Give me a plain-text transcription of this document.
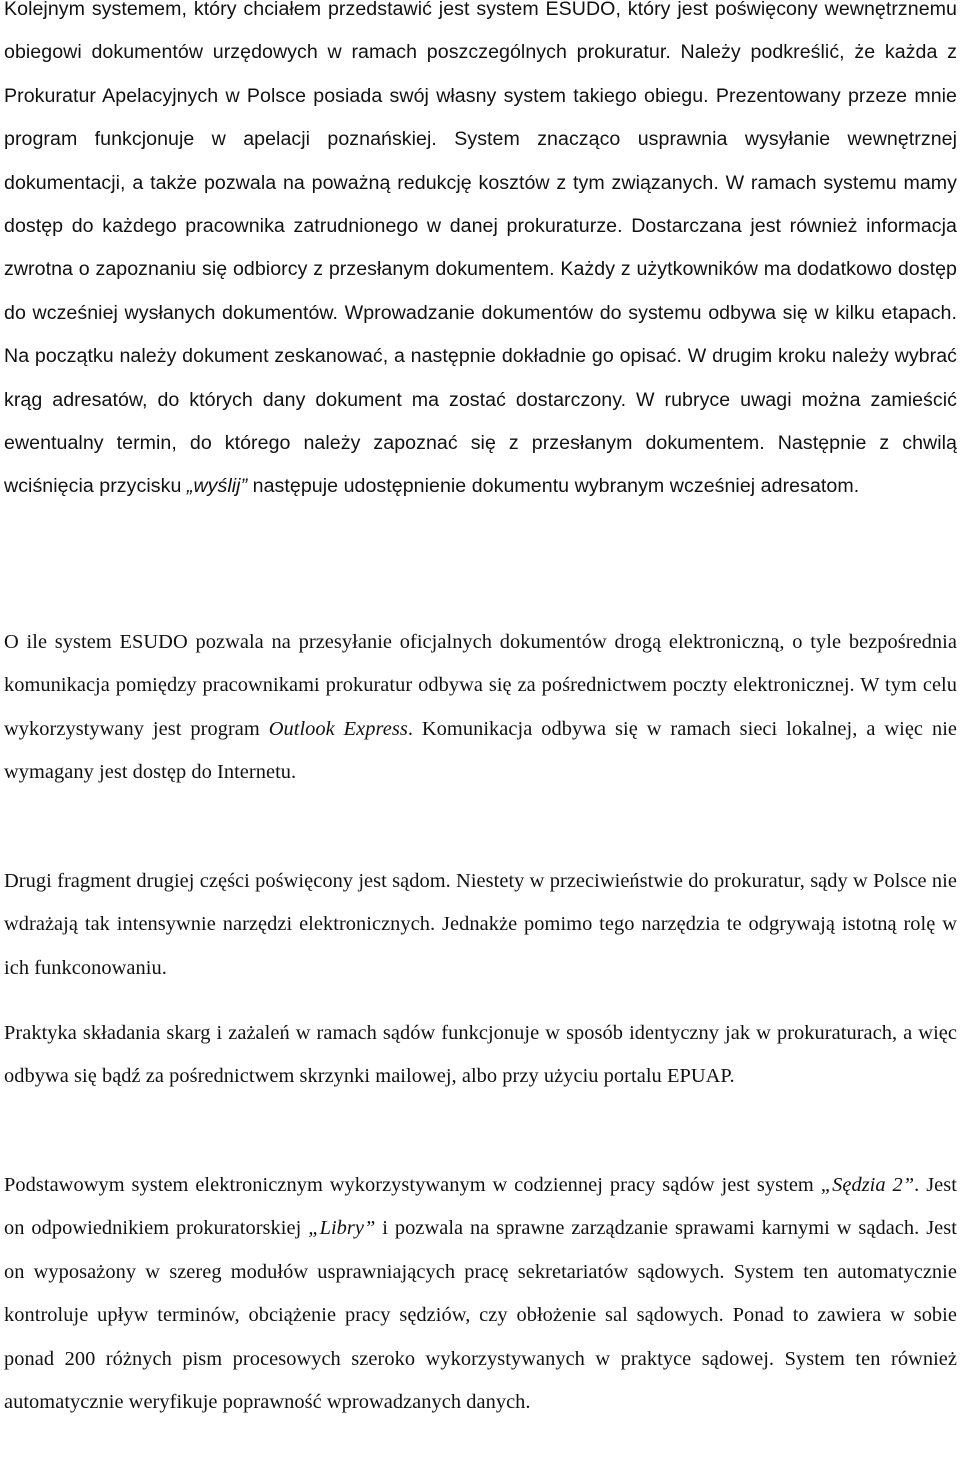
Kolejnym systemem, który chciałem przedstawić jest system ESUDO, który jest poświęcony wewnętrznemu obiegowi dokumentów urzędowych w ramach poszczególnych prokuratur. Należy podkreślić, że każda z Prokuratur Apelacyjnych w Polsce posiada swój własny system takiego obiegu. Prezentowany przeze mnie program funkcjonuje w apelacji poznańskiej. System znacząco usprawnia wysyłanie wewnętrznej dokumentacji, a także pozwala na poważną redukcję kosztów z tym związanych. W ramach systemu mamy dostęp do każdego pracownika zatrudnionego w danej prokuraturze. Dostarczana jest również informacja zwrotna o zapoznaniu się odbiorcy z przesłanym dokumentem. Każdy z użytkowników ma dodatkowo dostęp do wcześniej wysłanych dokumentów. Wprowadzanie dokumentów do systemu odbywa się w kilku etapach. Na początku należy dokument zeskanować, a następnie dokładnie go opisać. W drugim kroku należy wybrać krąg adresatów, do których dany dokument ma zostać dostarczony. W rubryce uwagi można zamieścić ewentualny termin, do którego należy zapoznać się z przesłanym dokumentem. Następnie z chwilą wciśnięcia przycisku „wyślij” następuje udostępnienie dokumentu wybranym wcześniej adresatom.

O ile system ESUDO pozwala na przesyłanie oficjalnych dokumentów drogą elektroniczną, o tyle bezpośrednia komunikacja pomiędzy pracownikami prokuratur odbywa się za pośrednictwem poczty elektronicznej. W tym celu wykorzystywany jest program Outlook Express. Komunikacja odbywa się w ramach sieci lokalnej, a więc nie wymagany jest dostęp do Internetu.

Drugi fragment drugiej części poświęcony jest sądom. Niestety w przeciwieństwie do prokuratur, sądy w Polsce nie wdrażają tak intensywnie narzędzi elektronicznych. Jednakże pomimo tego narzędzia te odgrywają istotną rolę w ich funkconowaniu.

Praktyka składania skarg i zażaleń w ramach sądów funkcjonuje w sposób identyczny jak w prokuraturach, a więc odbywa się bądź za pośrednictwem skrzynki mailowej, albo przy użyciu portalu EPUAP.

Podstawowym system elektronicznym wykorzystywanym w codziennej pracy sądów jest system „Sędzia 2”. Jest on odpowiednikiem prokuratorskiej „Libry” i pozwala na sprawne zarządzanie sprawami karnymi w sądach. Jest on wyposażony w szereg modułów usprawniających pracę sekretariatów sądowych. System ten automatycznie kontroluje upływ terminów, obciążenie pracy sędziów, czy obłożenie sal sądowych. Ponad to zawiera w sobie ponad 200 różnych pism procesowych szeroko wykorzystywanych w praktyce sądowej. System ten również automatycznie weryfikuje poprawność wprowadzanych danych.
